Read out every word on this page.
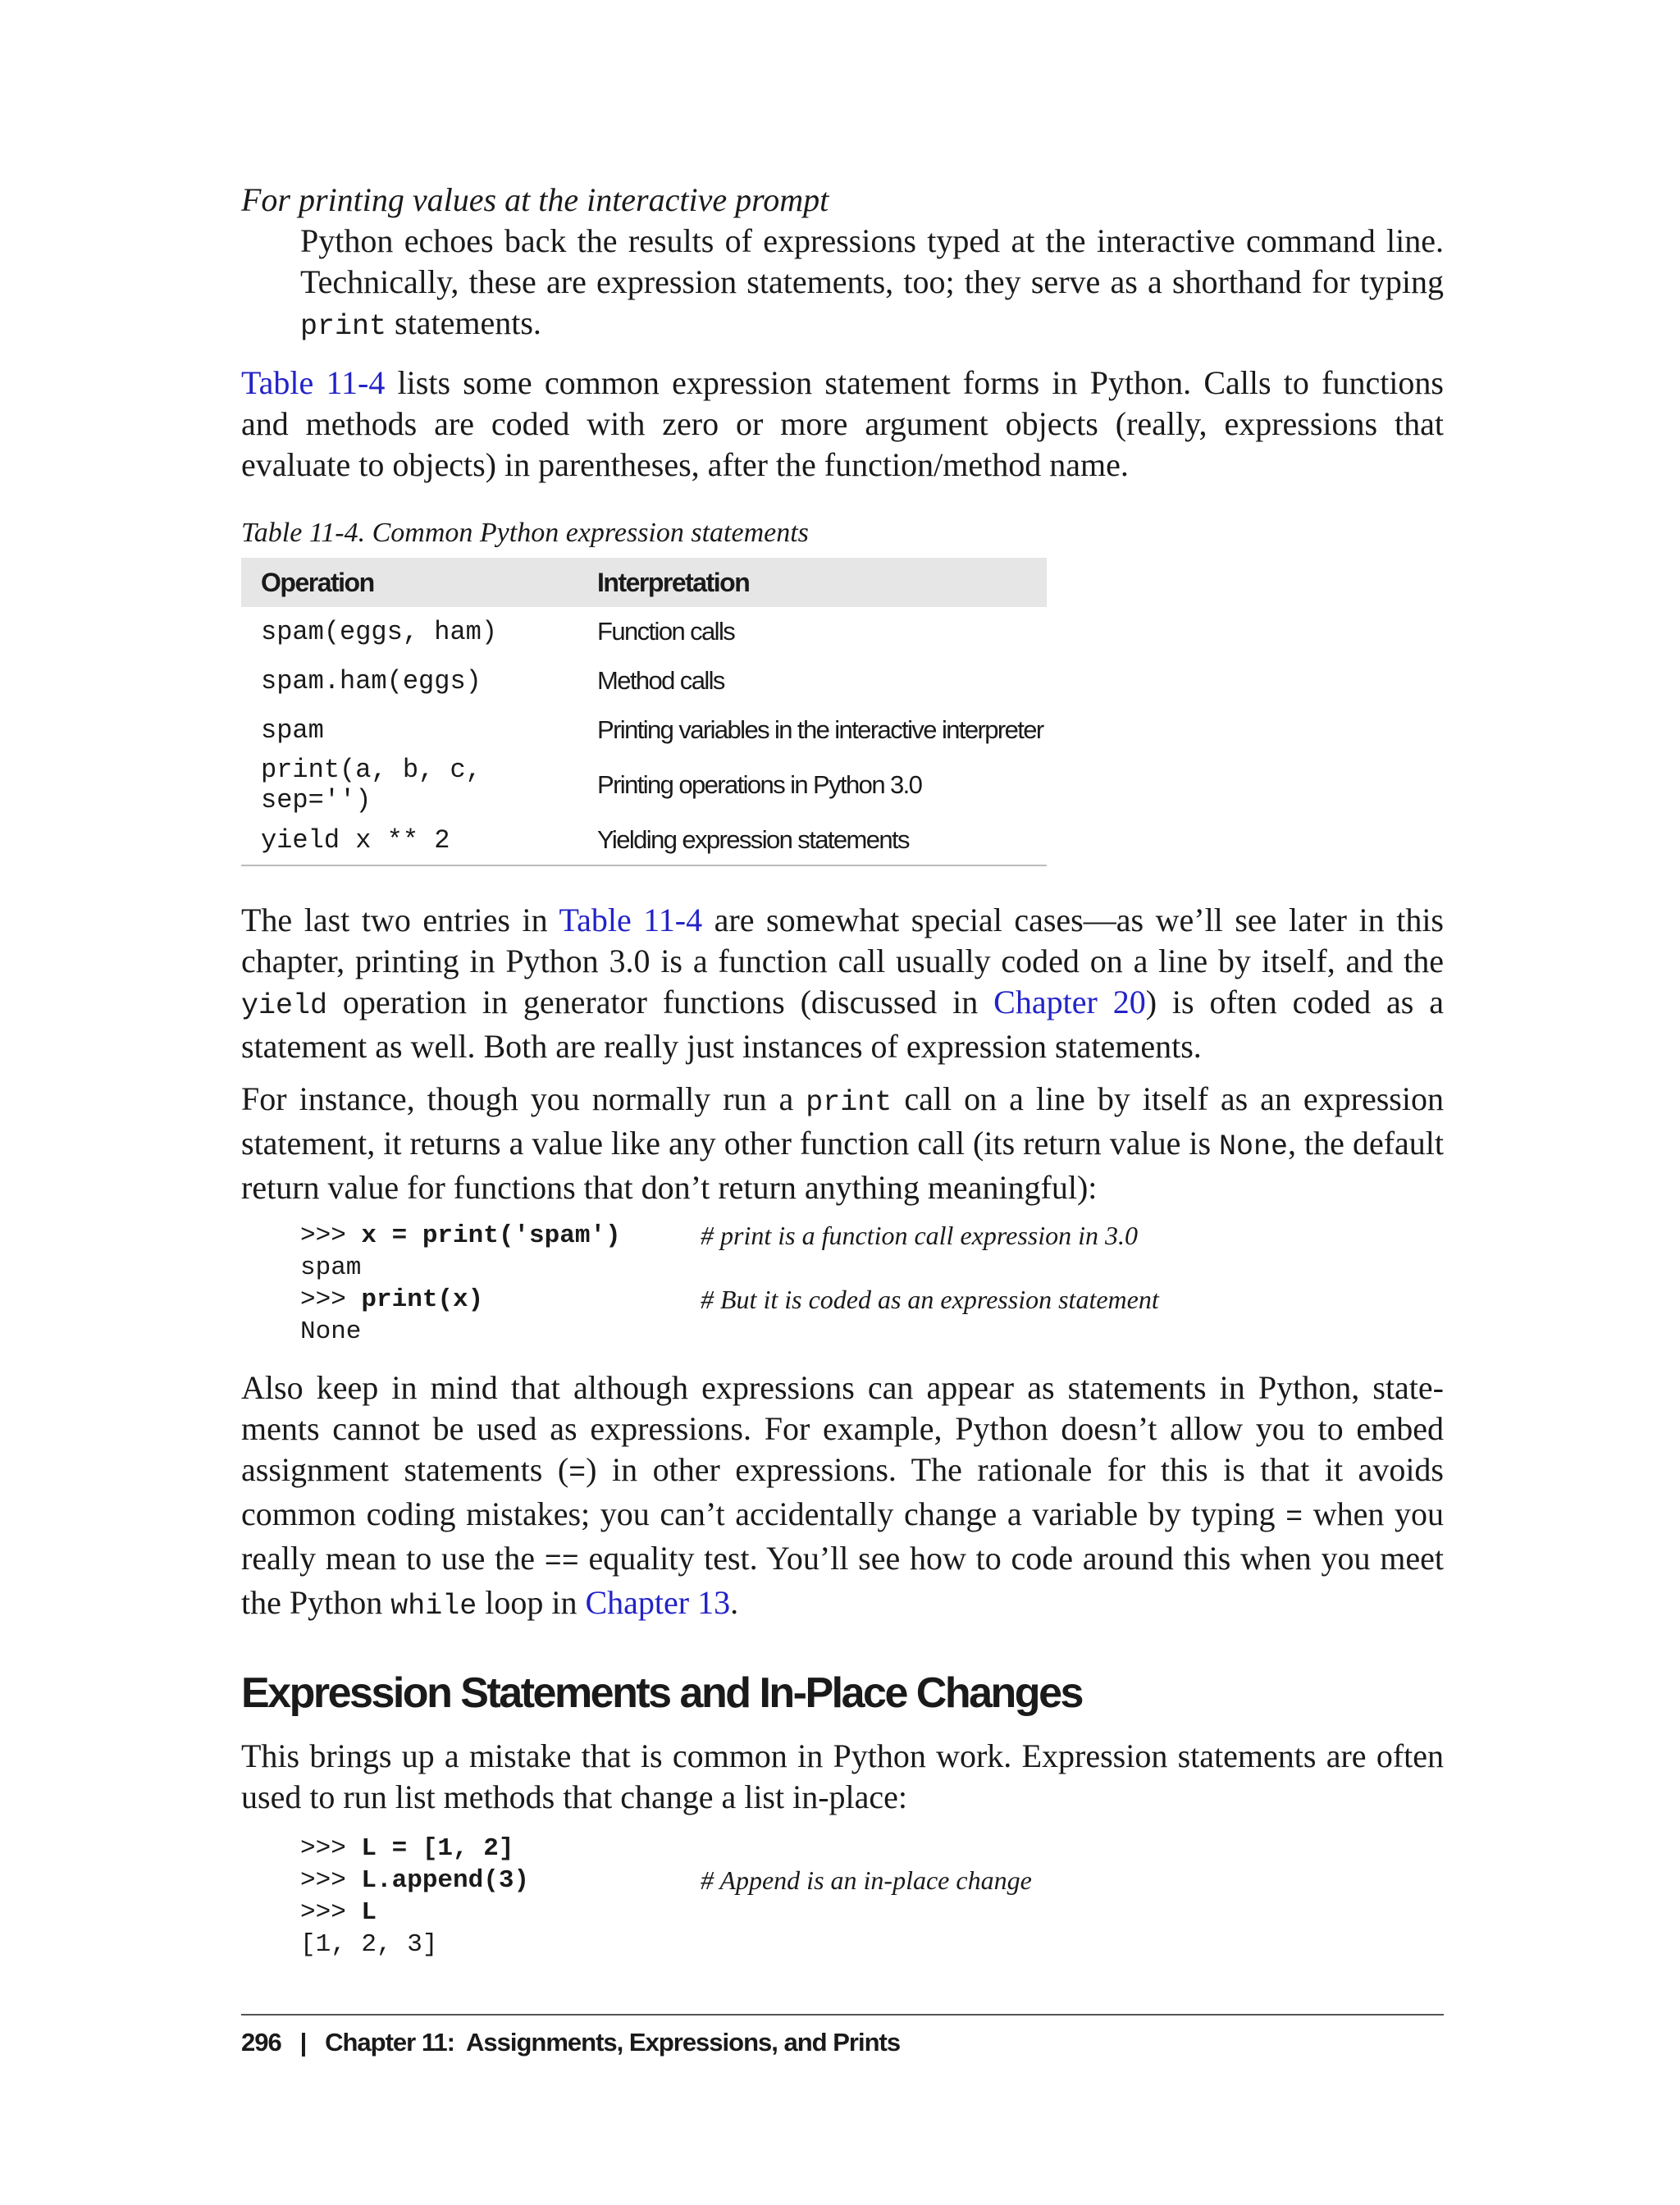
For printing values at the interactive prompt

Python echoes back the results of expressions typed at the interactive command line. Technically, these are expression statements, too; they serve as a shorthand for typing print statements.

Table 11-4 lists some common expression statement forms in Python. Calls to functions and methods are coded with zero or more argument objects (really, expressions that evaluate to objects) in parentheses, after the function/method name.

Table 11-4. Common Python expression statements
Operation	Interpretation
spam(eggs, ham)	Function calls
spam.ham(eggs)	Method calls
spam	Printing variables in the interactive interpreter
print(a, b, c, sep='')	Printing operations in Python 3.0
yield x ** 2	Yielding expression statements

The last two entries in Table 11-4 are somewhat special cases—as we’ll see later in this chapter, printing in Python 3.0 is a function call usually coded on a line by itself, and the yield operation in generator functions (discussed in Chapter 20) is often coded as a statement as well. Both are really just instances of expression statements.

For instance, though you normally run a print call on a line by itself as an expression statement, it returns a value like any other function call (its return value is None, the default return value for functions that don’t return anything meaningful):

>>> x = print('spam')	# print is a function call expression in 3.0
spam
>>> print(x)	# But it is coded as an expression statement
None

Also keep in mind that although expressions can appear as statements in Python, statements cannot be used as expressions. For example, Python doesn’t allow you to embed assignment statements (=) in other expressions. The rationale for this is that it avoids common coding mistakes; you can’t accidentally change a variable by typing = when you really mean to use the == equality test. You’ll see how to code around this when you meet the Python while loop in Chapter 13.

Expression Statements and In-Place Changes

This brings up a mistake that is common in Python work. Expression statements are often used to run list methods that change a list in-place:

>>> L = [1, 2]
>>> L.append(3)	# Append is an in-place change
>>> L
[1, 2, 3]
296 | Chapter 11:  Assignments, Expressions, and Prints
